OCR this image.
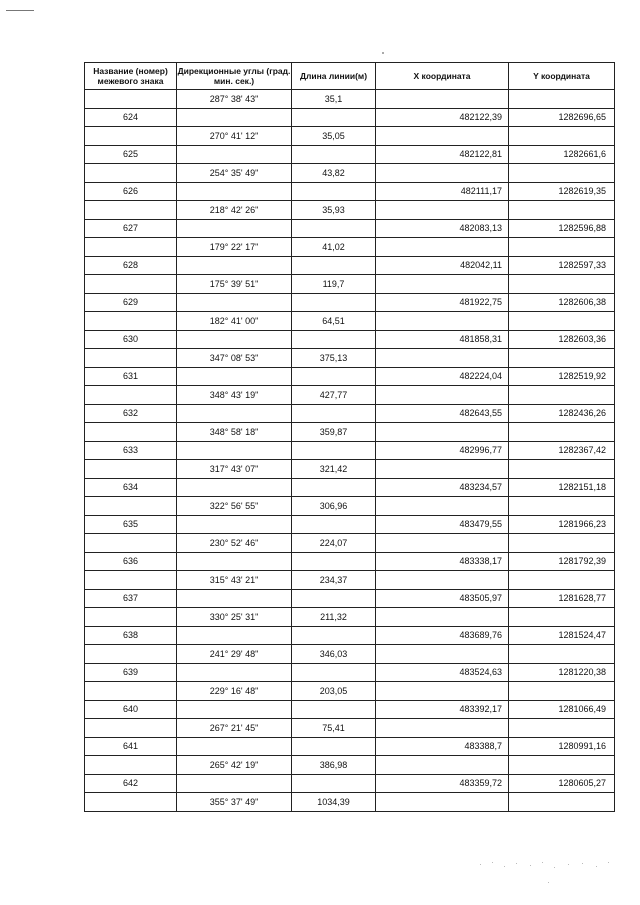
Название (номер) межевого знака	Дирекционные углы (град. мин. сек.)	Длина линии(м)	X координата	Y координата
	287° 38' 43"	35,1		
624			482122,39	1282696,65
	270° 41' 12"	35,05		
625			482122,81	1282661,6
	254° 35' 49"	43,82		
626			482111,17	1282619,35
	218° 42' 26"	35,93		
627			482083,13	1282596,88
	179° 22' 17"	41,02		
628			482042,11	1282597,33
	175° 39' 51"	119,7		
629			481922,75	1282606,38
	182° 41' 00"	64,51		
630			481858,31	1282603,36
	347° 08' 53"	375,13		
631			482224,04	1282519,92
	348° 43' 19"	427,77		
632			482643,55	1282436,26
	348° 58' 18"	359,87		
633			482996,77	1282367,42
	317° 43' 07"	321,42		
634			483234,57	1282151,18
	322° 56' 55"	306,96		
635			483479,55	1281966,23
	230° 52' 46"	224,07		
636			483338,17	1281792,39
	315° 43' 21"	234,37		
637			483505,97	1281628,77
	330° 25' 31"	211,32		
638			483689,76	1281524,47
	241° 29' 48"	346,03		
639			483524,63	1281220,38
	229° 16' 48"	203,05		
640			483392,17	1281066,49
	267° 21' 45"	75,41		
641			483388,7	1280991,16
	265° 42' 19"	386,98		
642			483359,72	1280605,27
	355° 37' 49"	1034,39		
